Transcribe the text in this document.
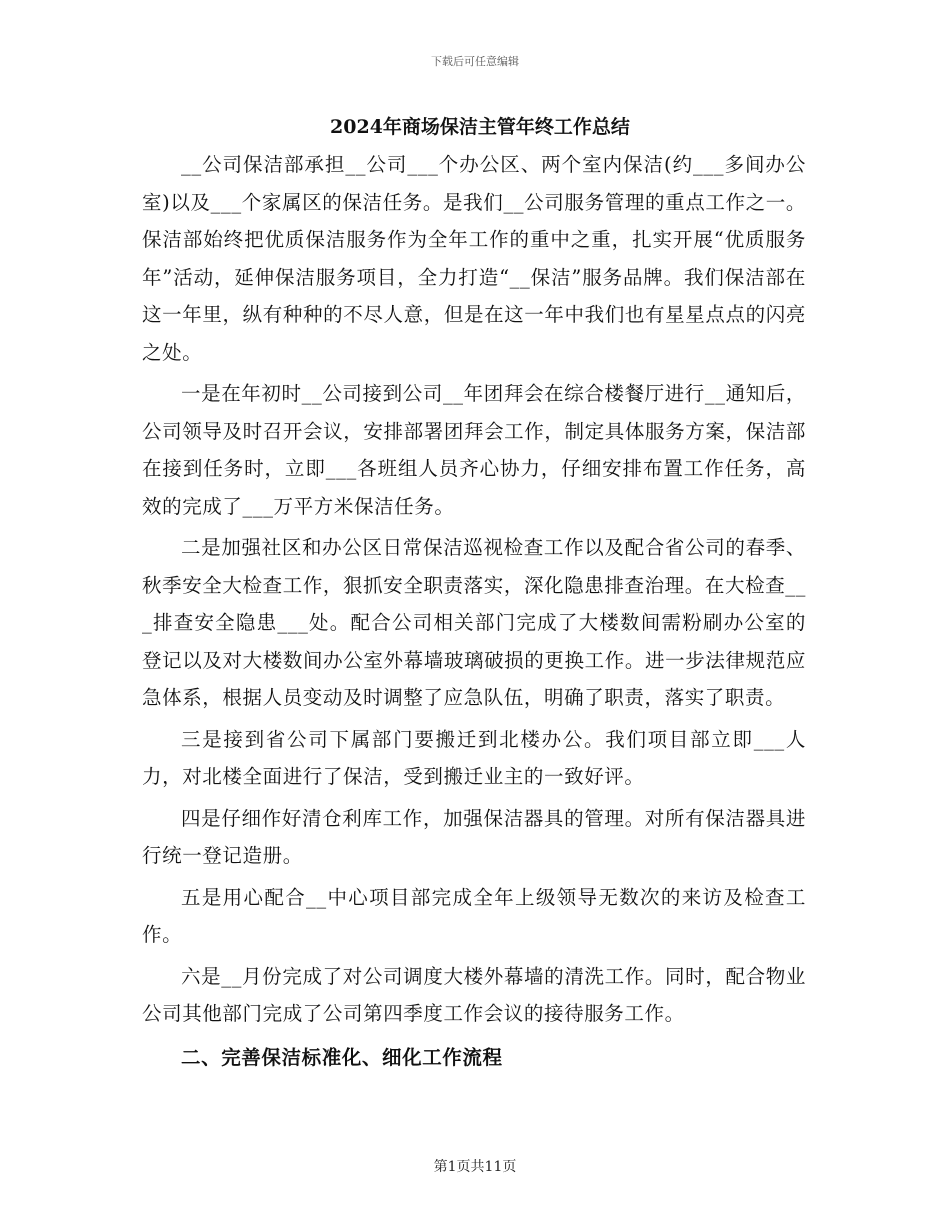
下载后可任意编辑
2024年商场保洁主管年终工作总结

__公司保洁部承担__公司___个办公区、两个室内保洁(约___多间办公室)以及___个家属区的保洁任务。是我们__公司服务管理的重点工作之一。保洁部始终把优质保洁服务作为全年工作的重中之重，扎实开展“优质服务年”活动，延伸保洁服务项目，全力打造“__保洁”服务品牌。我们保洁部在这一年里，纵有种种的不尽人意，但是在这一年中我们也有星星点点的闪亮之处。

一是在年初时__公司接到公司__年团拜会在综合楼餐厅进行__通知后，公司领导及时召开会议，安排部署团拜会工作，制定具体服务方案，保洁部在接到任务时，立即___各班组人员齐心协力，仔细安排布置工作任务，高效的完成了___万平方米保洁任务。

二是加强社区和办公区日常保洁巡视检查工作以及配合省公司的春季、秋季安全大检查工作，狠抓安全职责落实，深化隐患排查治理。在大检查___排查安全隐患___处。配合公司相关部门完成了大楼数间需粉刷办公室的登记以及对大楼数间办公室外幕墙玻璃破损的更换工作。进一步法律规范应急体系，根据人员变动及时调整了应急队伍，明确了职责，落实了职责。

三是接到省公司下属部门要搬迁到北楼办公。我们项目部立即___人力，对北楼全面进行了保洁，受到搬迁业主的一致好评。

四是仔细作好清仓利库工作，加强保洁器具的管理。对所有保洁器具进行统一登记造册。

五是用心配合__中心项目部完成全年上级领导无数次的来访及检查工作。

六是__月份完成了对公司调度大楼外幕墙的清洗工作。同时，配合物业公司其他部门完成了公司第四季度工作会议的接待服务工作。

二、完善保洁标准化、细化工作流程
第1页共11页
